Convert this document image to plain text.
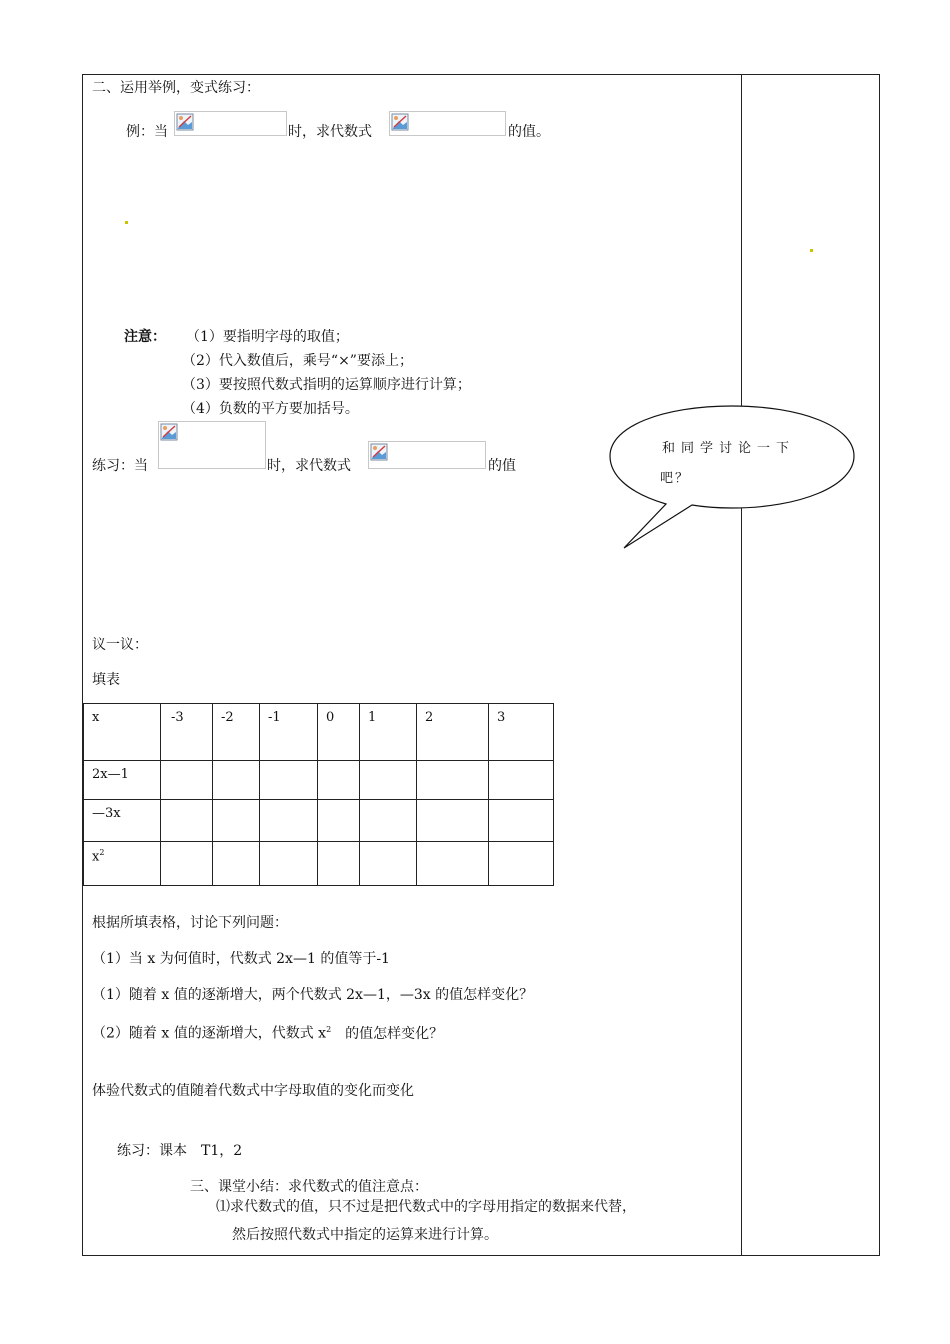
二、运用举例，变式练习：
例：当	时，求代数式	的值。
注意： （1）要指明字母的取值；
（2）代入数值后，乘号“×”要添上；
（3）要按照代数式指明的运算顺序进行计算；
（4）负数的平方要加括号。
练习：当	时，求代数式	的值
和同学讨论一下
吧？
议一议：
填表
x	-3	-2	-1	0	1	2	3
2x—1							
—3x							
$x^2$							
根据所填表格，讨论下列问题：
（1）当 x 为何值时，代数式 2x—1 的值等于-1
（1）随着 x 值的逐渐增大，两个代数式 2x—1，—3x 的值怎样变化？
（2）随着 x 值的逐渐增大，代数式 $x^2$ 的值怎样变化？
体验代数式的值随着代数式中字母取值的变化而变化
练习：课本　T1，2
三、课堂小结：求代数式的值注意点：
⑴求代数式的值，只不过是把代数式中的字母用指定的数据来代替，
然后按照代数式中指定的运算来进行计算。
